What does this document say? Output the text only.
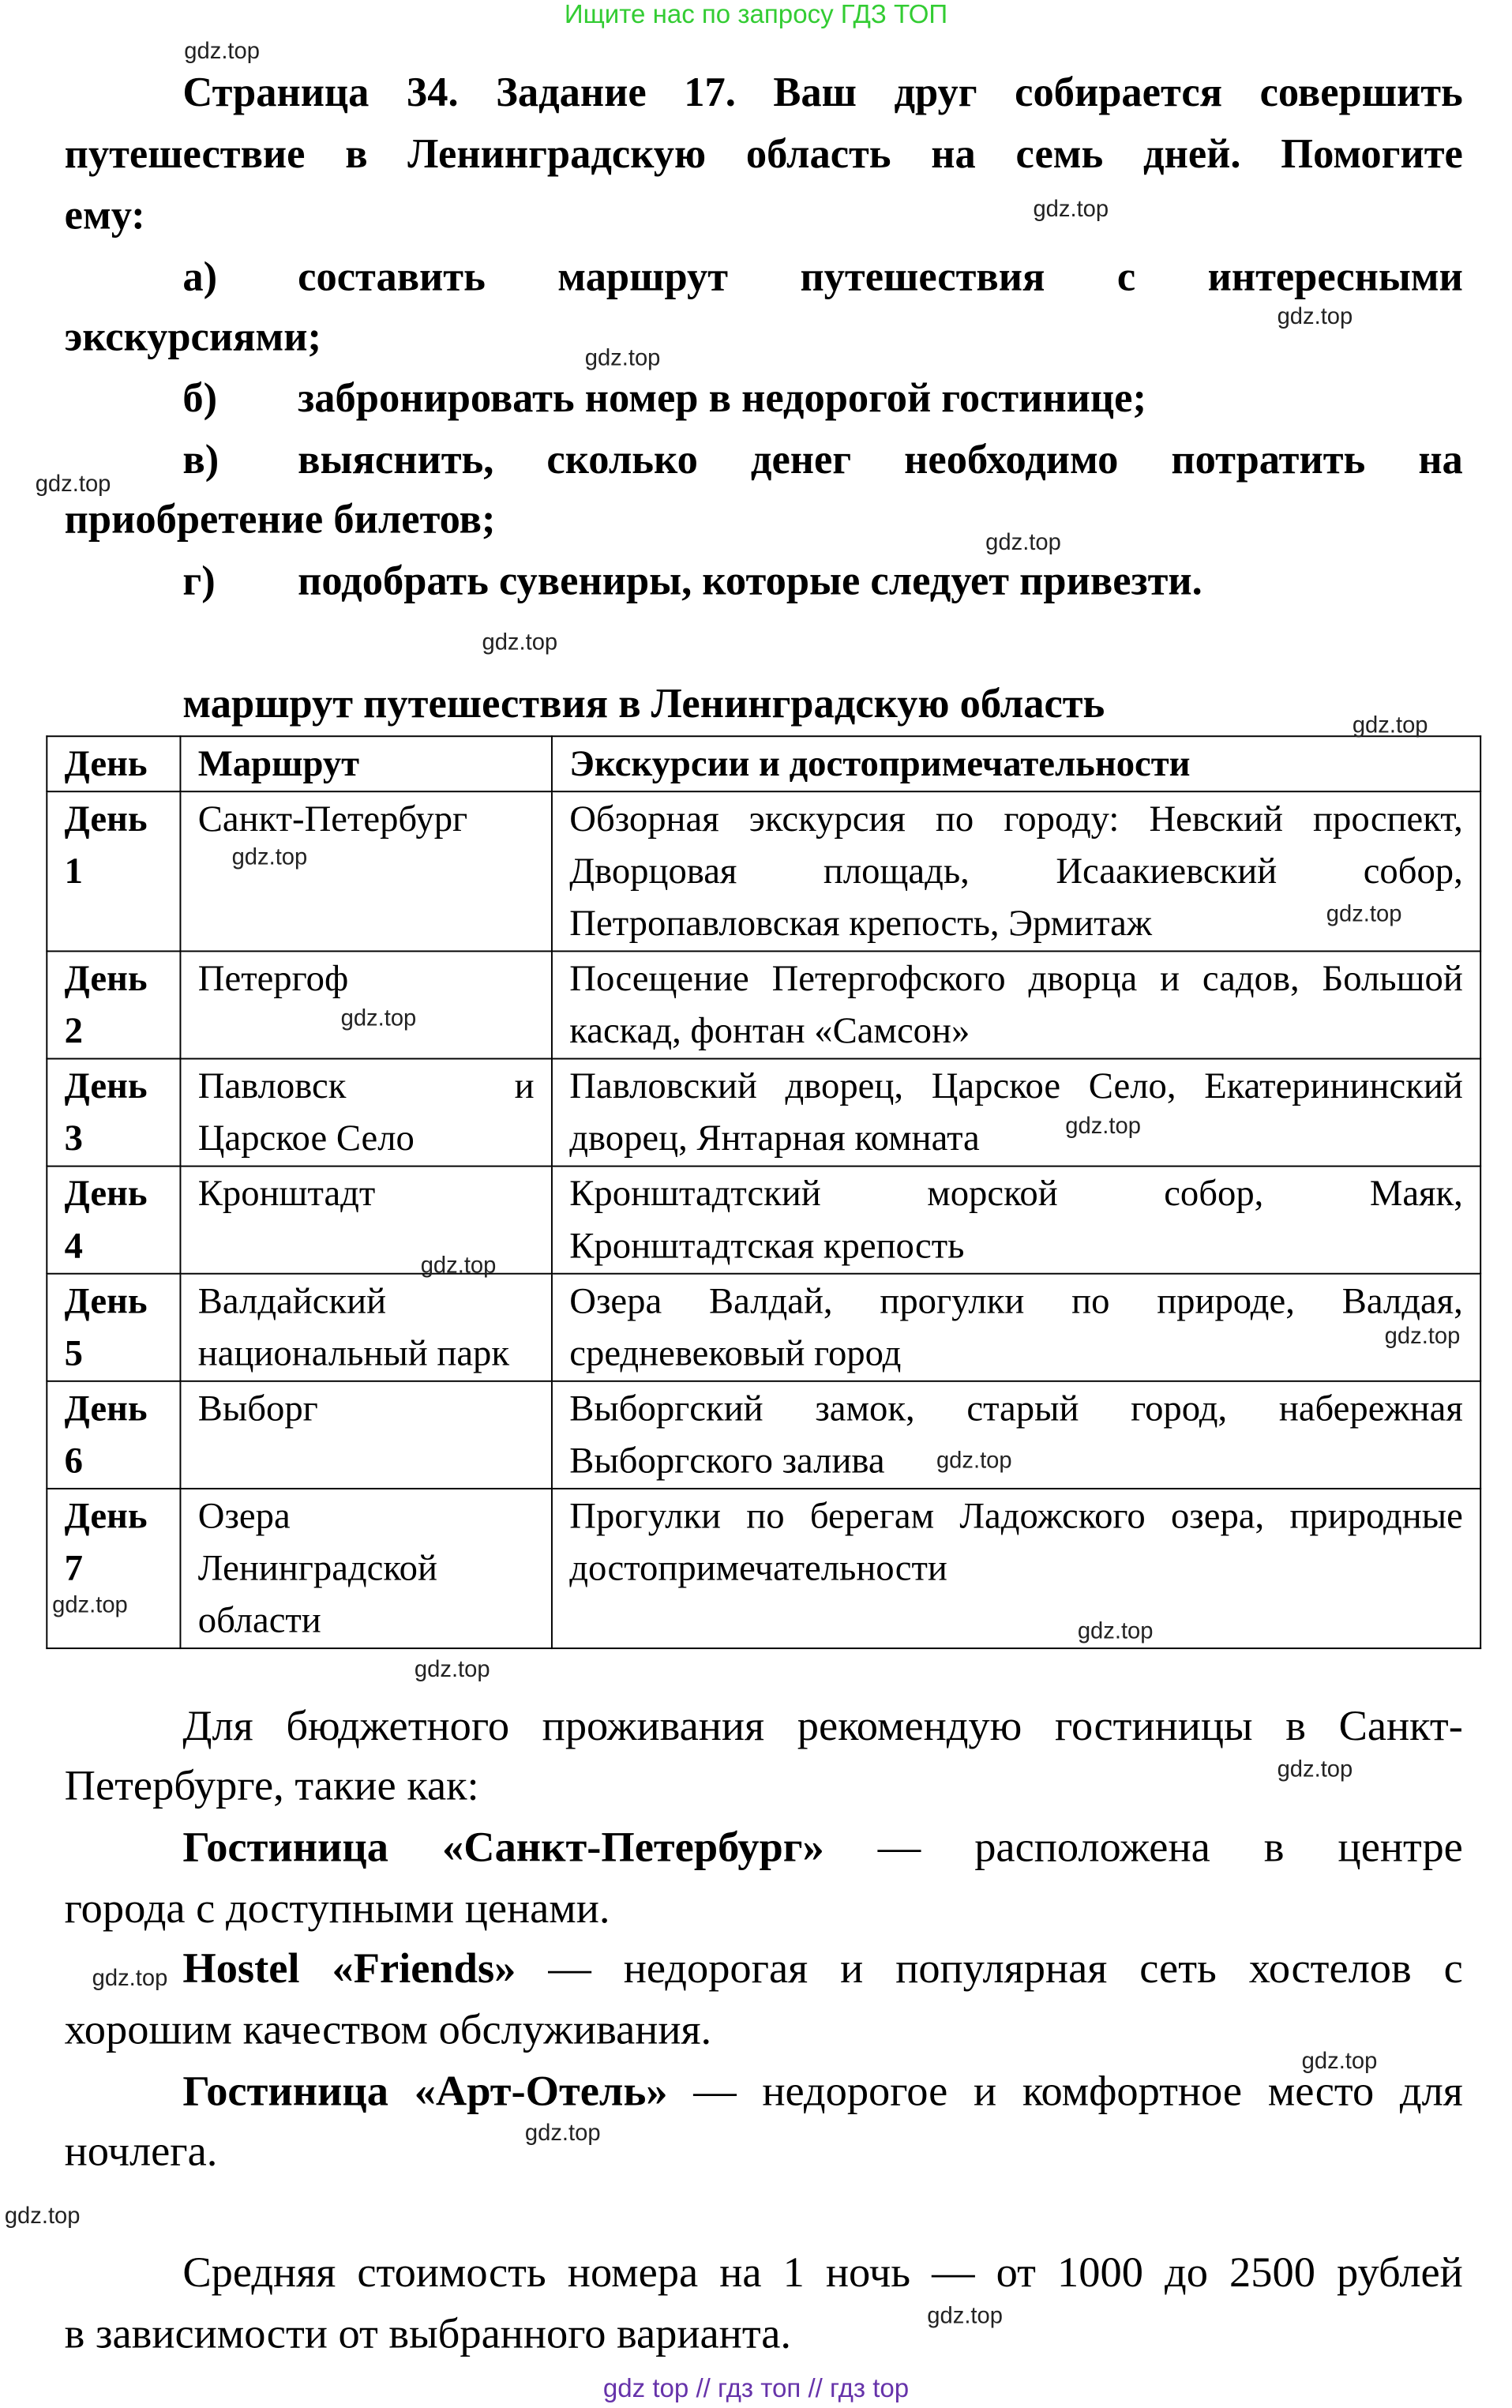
Ищите нас по запросу ГДЗ ТОП
Страница 34. Задание 17. Ваш друг собирается совершить
путешествие в Ленинградскую область на семь дней. Помогите
ему:
а)	составить маршрут путешествия с интересными
экскурсиями;
б)	забронировать номер в недорогой гостинице;
в)	выяснить, сколько денег необходимо потратить на
приобретение билетов;
г)	подобрать сувениры, которые следует привезти.
маршрут путешествия в Ленинградскую область
День	Маршрут	Экскурсии и достопримечательности

День
1	Санкт-Петербург	Обзорная экскурсия по городу: Невский проспект,
Дворцовая площадь, Исаакиевский собор,
Петропавловская крепость, Эрмитаж

День
2	Петергоф	Посещение Петергофского дворца и садов, Большой
каскад, фонтан «Самсон»

День
3	Павловск и
Царское Село	Павловский дворец, Царское Село, Екатерининский
дворец, Янтарная комната

День
4	Кронштадт	Кронштадтский морской собор, Маяк,
Кронштадтская крепость

День
5	Валдайский
национальный парк	Озера Валдай, прогулки по природе, Валдая,
средневековый город

День
6	Выборг	Выборгский замок, старый город, набережная
Выборгского залива

День
7	Озера
Ленинградской
области	Прогулки по берегам Ладожского озера, природные
достопримечательности
Для бюджетного проживания рекомендую гостиницы в Санкт-
Петербурге, такие как:
Гостиница «Санкт-Петербург» — расположена в центре
города с доступными ценами.
Hostel «Friends» — недорогая и популярная сеть хостелов с
хорошим качеством обслуживания.
Гостиница «Арт-Отель» — недорогое и комфортное место для
ночлега.
Средняя стоимость номера на 1 ночь — от 1000 до 2500 рублей
в зависимости от выбранного варианта.
gdz.top
gdz.top
gdz.top
gdz.top
gdz.top
gdz.top
gdz.top
gdz.top
gdz.top
gdz.top
gdz.top
gdz.top
gdz.top
gdz.top
gdz.top
gdz.top
gdz.top
gdz.top
gdz.top
gdz.top
gdz.top
gdz.top
gdz.top
gdz.top
gdz top // гдз топ // гдз top
